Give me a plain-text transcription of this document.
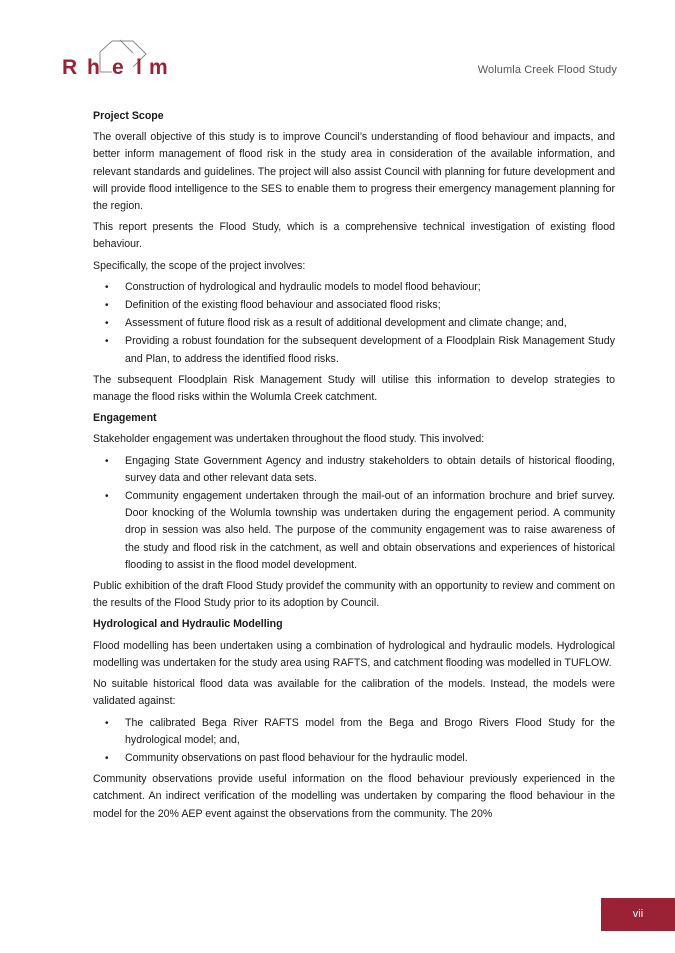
R h e l m	Wolumla Creek Flood Study
Project Scope

The overall objective of this study is to improve Council’s understanding of flood behaviour and impacts, and better inform management of flood risk in the study area in consideration of the available information, and relevant standards and guidelines. The project will also assist Council with planning for future development and will provide flood intelligence to the SES to enable them to progress their emergency management planning for the region.

This report presents the Flood Study, which is a comprehensive technical investigation of existing flood behaviour.

Specifically, the scope of the project involves:

• Construction of hydrological and hydraulic models to model flood behaviour;
• Definition of the existing flood behaviour and associated flood risks;
• Assessment of future flood risk as a result of additional development and climate change; and,
• Providing a robust foundation for the subsequent development of a Floodplain Risk Management Study and Plan, to address the identified flood risks.

The subsequent Floodplain Risk Management Study will utilise this information to develop strategies to manage the flood risks within the Wolumla Creek catchment.

Engagement

Stakeholder engagement was undertaken throughout the flood study. This involved:

• Engaging State Government Agency and industry stakeholders to obtain details of historical flooding, survey data and other relevant data sets.
• Community engagement undertaken through the mail-out of an information brochure and brief survey. Door knocking of the Wolumla township was undertaken during the engagement period. A community drop in session was also held. The purpose of the community engagement was to raise awareness of the study and flood risk in the catchment, as well and obtain observations and experiences of historical flooding to assist in the flood model development.

Public exhibition of the draft Flood Study providef the community with an opportunity to review and comment on the results of the Flood Study prior to its adoption by Council.

Hydrological and Hydraulic Modelling

Flood modelling has been undertaken using a combination of hydrological and hydraulic models. Hydrological modelling was undertaken for the study area using RAFTS, and catchment flooding was modelled in TUFLOW.

No suitable historical flood data was available for the calibration of the models. Instead, the models were validated against:

• The calibrated Bega River RAFTS model from the Bega and Brogo Rivers Flood Study for the hydrological model; and,
• Community observations on past flood behaviour for the hydraulic model.

Community observations provide useful information on the flood behaviour previously experienced in the catchment. An indirect verification of the modelling was undertaken by comparing the flood behaviour in the model for the 20% AEP event against the observations from the community. The 20%

vii
